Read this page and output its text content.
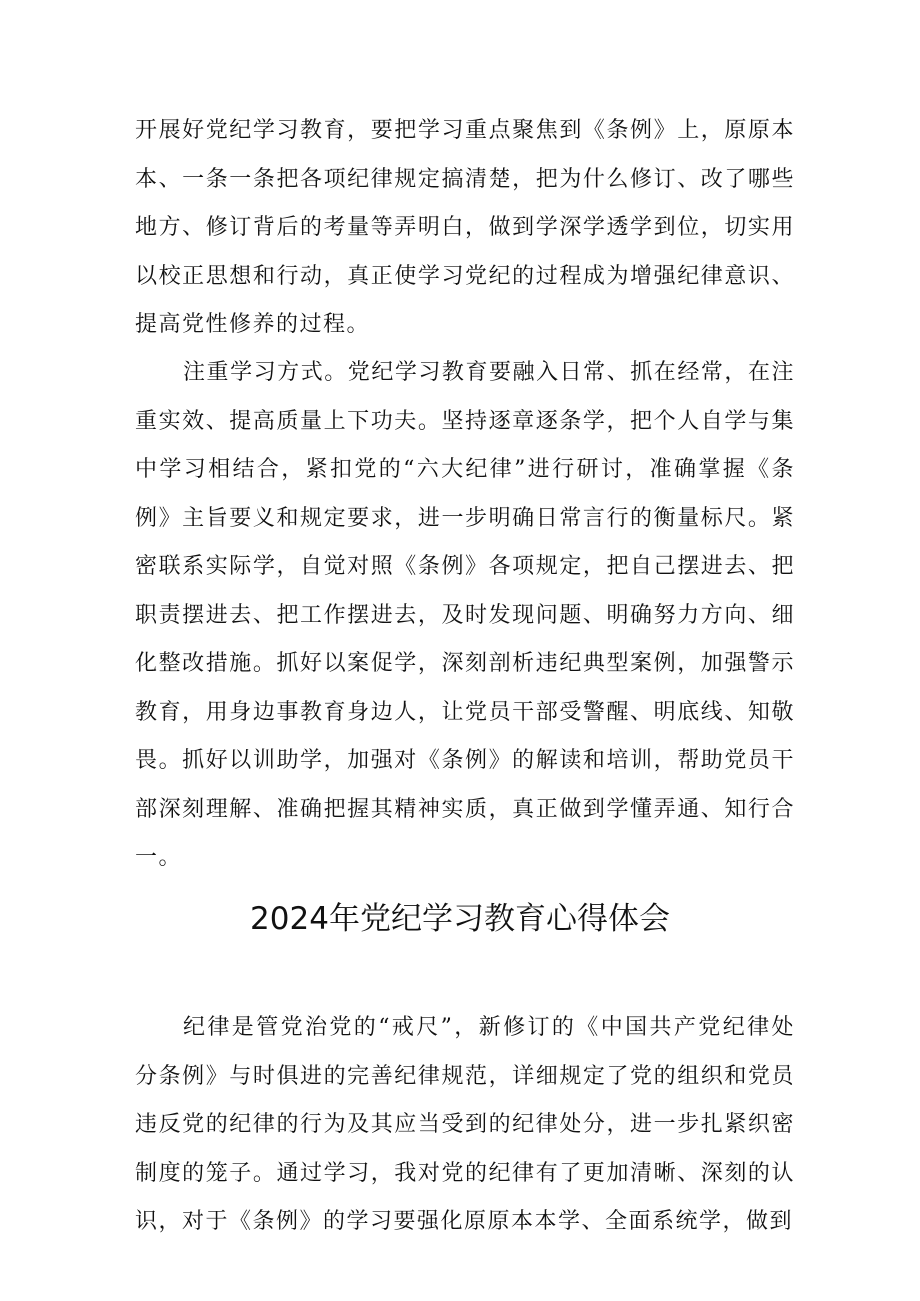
开展好党纪学习教育，要把学习重点聚焦到《条例》上，原原本本、一条一条把各项纪律规定搞清楚，把为什么修订、改了哪些地方、修订背后的考量等弄明白，做到学深学透学到位，切实用以校正思想和行动，真正使学习党纪的过程成为增强纪律意识、提高党性修养的过程。

注重学习方式。党纪学习教育要融入日常、抓在经常，在注重实效、提高质量上下功夫。坚持逐章逐条学，把个人自学与集中学习相结合，紧扣党的“六大纪律”进行研讨，准确掌握《条例》主旨要义和规定要求，进一步明确日常言行的衡量标尺。紧密联系实际学，自觉对照《条例》各项规定，把自己摆进去、把职责摆进去、把工作摆进去，及时发现问题、明确努力方向、细化整改措施。抓好以案促学，深刻剖析违纪典型案例，加强警示教育，用身边事教育身边人，让党员干部受警醒、明底线、知敬畏。抓好以训助学，加强对《条例》的解读和培训，帮助党员干部深刻理解、准确把握其精神实质，真正做到学懂弄通、知行合一。

2024年党纪学习教育心得体会

纪律是管党治党的“戒尺”，新修订的《中国共产党纪律处分条例》与时俱进的完善纪律规范，详细规定了党的组织和党员违反党的纪律的行为及其应当受到的纪律处分，进一步扎紧织密制度的笼子。通过学习，我对党的纪律有了更加清晰、深刻的认识，对于《条例》的学习要强化原原本本学、全面系统学，做到
